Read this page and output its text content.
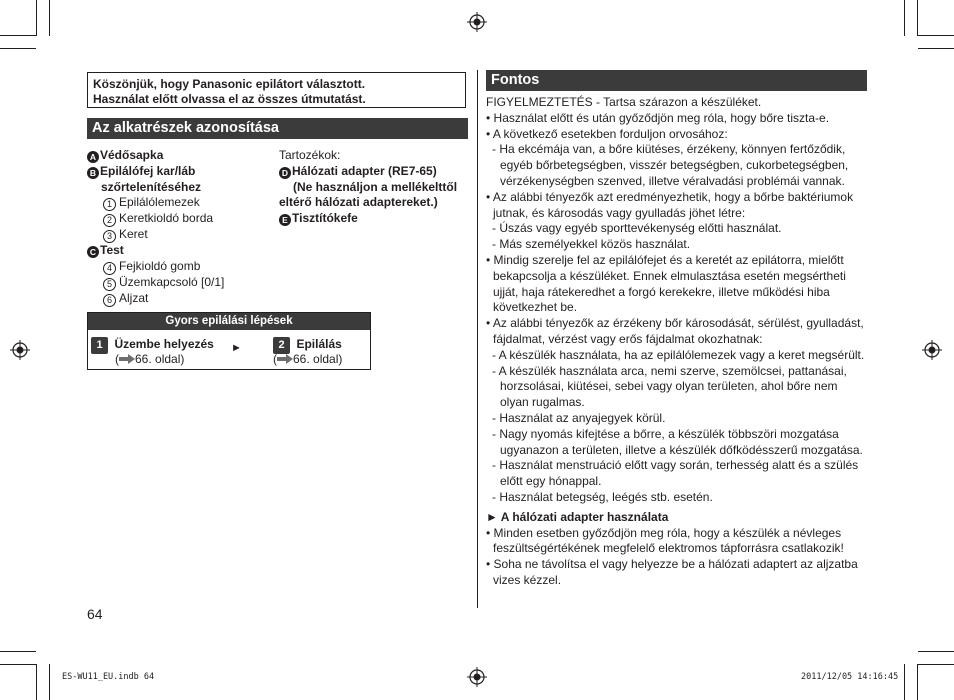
Köszönjük, hogy Panasonic epilátort választott.
Használat előtt olvassa el az összes útmutatást.
Az alkatrészek azonosítása
A Védősapka
B Epilálófej kar/láb
szőrtelenítéséhez
1 Epilálólemezek
2 Keretkioldó borda
3 Keret
C Test
4 Fejkioldó gomb
5 Üzemkapcsoló [0/1]
6 Aljzat
Tartozékok:
D Hálózati adapter (RE7-65)
(Ne használjon a mellékelttől
eltérő hálózati adaptereket.)
E Tisztítókefe
Gyors epilálási lépések
1 Üzembe helyezés
( 66. oldal)
►	2 Epilálás
( 66. oldal)
64
Fontos
FIGYELMEZTETÉS - Tartsa szárazon a készüléket.
• Használat előtt és után győződjön meg róla, hogy bőre tiszta-e.
• A következő esetekben forduljon orvosához:
- Ha ekcémája van, a bőre kiütéses, érzékeny, könnyen fertőződik, egyéb bőrbetegségben, visszér betegségben, cukorbetegségben, vérzékenységben szenved, illetve véralvadási problémái vannak.
• Az alábbi tényezők azt eredményezhetik, hogy a bőrbe baktériumok jutnak, és károsodás vagy gyulladás jöhet létre:
- Úszás vagy egyéb sporttevékenység előtti használat.
- Más személyekkel közös használat.
• Mindig szerelje fel az epilálófejet és a keretét az epilátorra, mielőtt bekapcsolja a készüléket. Ennek elmulasztása esetén megsértheti ujját, haja rátekeredhet a forgó kerekekre, illetve működési hiba következhet be.
• Az alábbi tényezők az érzékeny bőr károsodását, sérülést, gyulladást, fájdalmat, vérzést vagy erős fájdalmat okozhatnak:
- A készülék használata, ha az epilálólemezek vagy a keret megsérült.
- A készülék használata arca, nemi szerve, szemölcsei, pattanásai, horzsolásai, kiütései, sebei vagy olyan területen, ahol bőre nem olyan rugalmas.
- Használat az anyajegyek körül.
- Nagy nyomás kifejtése a bőrre, a készülék többszöri mozgatása ugyanazon a területen, illetve a készülék dőfködésszerű mozgatása.
- Használat menstruáció előtt vagy során, terhesség alatt és a szülés előtt egy hónappal.
- Használat betegség, leégés stb. esetén.
► A hálózati adapter használata
• Minden esetben győződjön meg róla, hogy a készülék a névleges feszültségértékének megfelelő elektromos tápforrásra csatlakozik!
• Soha ne távolítsa el vagy helyezze be a hálózati adaptert az aljzatba vizes kézzel.
ES-WU11_EU.indb 64	2011/12/05 14:16:45
